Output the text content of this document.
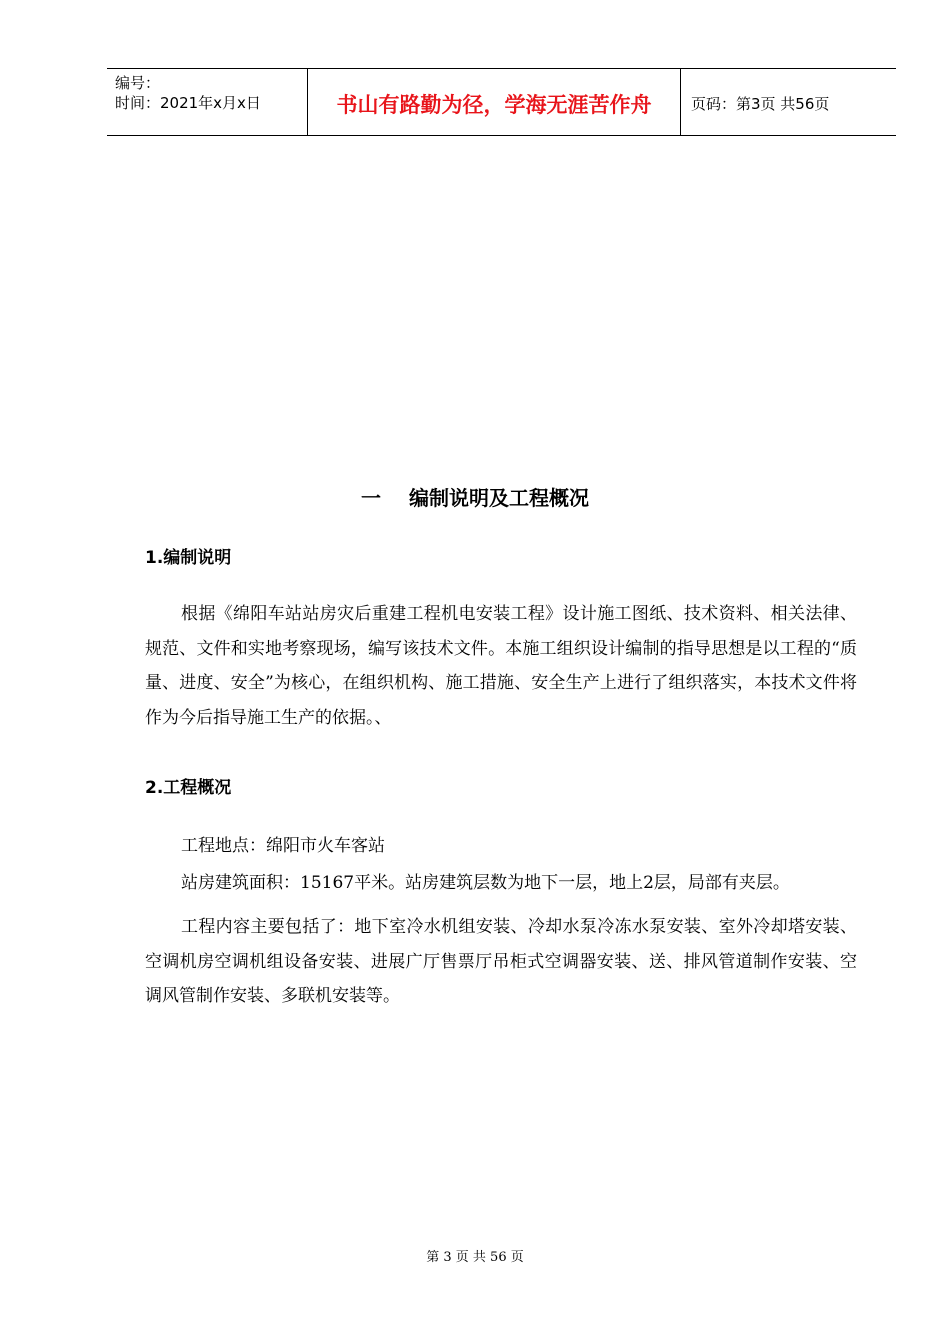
编号：
时间：2021年x月x日	书山有路勤为径，学海无涯苦作舟	页码：第3页 共56页
一 编制说明及工程概况
1.编制说明

根据《绵阳车站站房灾后重建工程机电安装工程》设计施工图纸、技术资料、相关法律、规范、文件和实地考察现场，编写该技术文件。本施工组织设计编制的指导思想是以工程的“质量、进度、安全”为核心，在组织机构、施工措施、安全生产上进行了组织落实，本技术文件将作为今后指导施工生产的依据。、

2.工程概况
工程地点：绵阳市火车客站
站房建筑面积：15167平米。站房建筑层数为地下一层，地上2层，局部有夹层。

工程内容主要包括了：地下室冷水机组安装、冷却水泵冷冻水泵安装、室外冷却塔安装、空调机房空调机组设备安装、进展广厅售票厅吊柜式空调器安装、送、排风管道制作安装、空调风管制作安装、多联机安装等。

第 3 页 共 56 页
